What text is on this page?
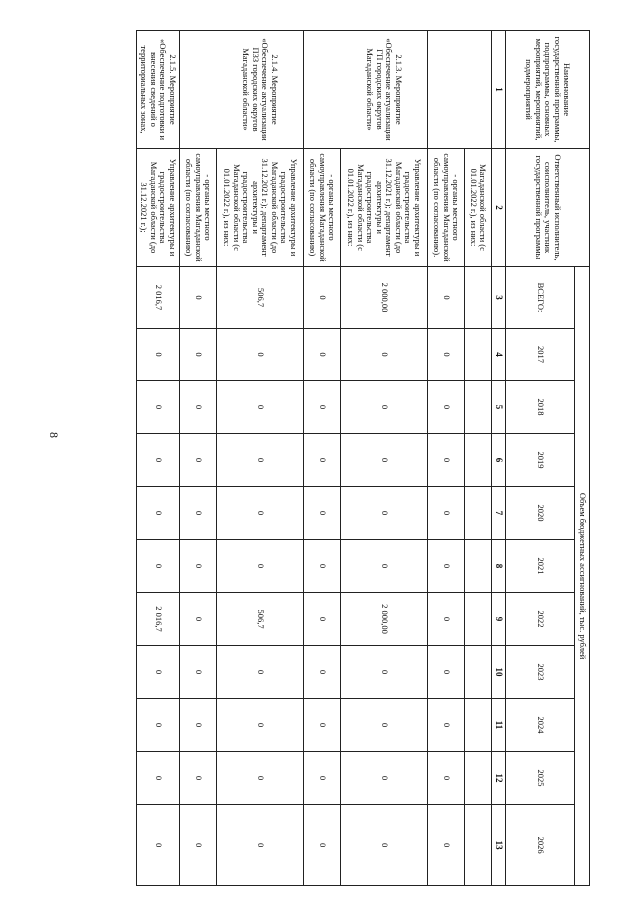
8
Наименование государственной программы, подпрограммы, основных мероприятий, мероприятий, подмероприятий	Ответственный исполнитель, соисполнитель, участник государственной программы	Объем бюджетных ассигнований, тыс. рублей										
		ВСЕГО:	2017	2018	2019	2020	2021	2022	2023	2024	2025	2026
1	2	3	4	5	6	7	8	9	10	11	12	13
	Магаданской области (с 01.01.2022 г.), из них:											
	- органы местного самоуправления Магаданской области (по согласованию).	0	0	0	0	0	0	0	0	0	0	0
2.1.3. Мероприятие «Обеспечение актуализации ГП городских округов Магаданской области»	Управление архитектуры и градостроительства Магаданской области (до 31.12.2021 г.); департамент архитектуры и градостроительства Магаданской области (с 01.01.2022 г.), из них:	2 000,00	0	0	0	0	0	2 000,00	0	0	0	0
	- органы местного самоуправления Магаданской области (по согласованию)	0	0	0	0	0	0	0	0	0	0	0
2.1.4. Мероприятие «Обеспечение актуализации ПЗЗ городских округов Магаданской области»	Управление архитектуры и градостроительства Магаданской области (до 31.12.2021 г.); департамент архитектуры и градостроительства Магаданской области (с 01.01.2022 г.), из них:	506,7	0	0	0	0	0	506,7	0	0	0	0
	- органы местного самоуправления Магаданской области (по согласованию)	0	0	0	0	0	0	0	0	0	0	0
2.1.5. Мероприятие «Обеспечение подготовки и внесения сведений о территориальных зонах,	Управление архитектуры и градостроительства Магаданской области (до 31.12.2021 г.);	2 016,7	0	0	0	0	0	2 016,7	0	0	0	0
